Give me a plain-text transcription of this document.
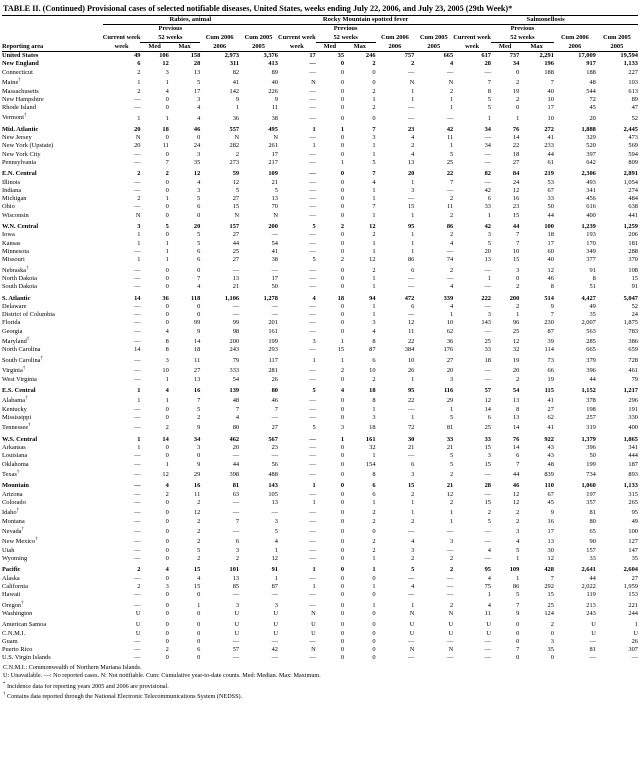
TABLE II. (Continued) Provisional cases of selected notifiable diseases, United States, weeks ending July 22, 2006, and July 23, 2005 (29th Week)*
	Rabies, animal					Rocky Mountain spotted fever					Salmonellosis				
		Previous					Previous					Previous			
	Current week	52 weeks		Cum 2006	Cum 2005	Current week	52 weeks		Cum 2006	Cum 2005	Current week	52 weeks		Cum 2006	Cum 2005
Reporting area	week	Med	Max	2006	2005	week	Med	Max	2006	2005	week	Med	Max	2006	2005
United States	49	106	158	2,973	3,376	17	35	246	757	665	617	737	2,291	17,009	19,594
New England	6	12	28	311	413	—	0	2	2	4	28	34	196	917	1,133
Connecticut	2	3	13	82	89	—	0	0	—	—	—	0	188	188	227
Maine†	1	1	5	41	40	N	0	0	N	N	7	2	7	48	103
Massachusetts	2	4	17	142	226	—	0	2	1	2	8	19	40	544	613
New Hampshire	—	0	3	9	9	—	0	1	1	1	5	2	10	72	89
Rhode Island	—	0	4	1	11	—	0	2	—	1	5	0	17	45	47
Vermont†	1	1	4	36	38	—	0	0	—	—	1	1	10	20	52

Mid. Atlantic	20	18	46	557	495	1	1	7	23	42	34	76	272	1,888	2,445
New Jersey	N	0	0	N	N	—	0	3	4	11	—	14	41	329	473
New York (Upstate)	20	11	24	282	261	1	0	1	2	1	34	22	233	520	569
New York City	—	0	3	2	17	—	0	1	4	5	—	18	44	397	594
Pennsylvania	—	7	35	273	217	—	1	5	13	25	—	27	61	642	809

E.N. Central	2	2	12	59	109	—	0	7	20	22	82	84	219	2,306	2,891
Illinois	—	0	4	12	21	—	0	4	1	7	—	24	53	493	1,054
Indiana	—	0	3	5	5	—	0	1	3	—	42	12	67	341	274
Michigan	2	1	5	27	13	—	0	1	—	2	6	16	33	456	484
Ohio	—	0	6	15	70	—	0	7	15	11	33	23	50	616	638
Wisconsin	N	0	0	N	N	—	0	1	1	2	1	15	44	400	441

W.N. Central	3	5	20	157	200	5	2	12	95	86	42	44	100	1,239	1,259
Iowa	1	0	5	27	—	—	0	2	1	2	3	7	18	193	206
Kansas	1	1	5	44	54	—	0	1	1	4	5	7	17	170	181
Minnesota	—	1	6	25	41	—	0	1	1	—	20	10	60	349	288
Missouri	1	1	6	27	38	5	2	12	86	74	13	15	40	377	370
Nebraska†	—	0	0	—	—	—	0	2	6	2	—	3	12	91	108
North Dakota	—	0	7	13	17	—	0	1	—	—	1	0	46	8	15
South Dakota	—	0	4	21	50	—	0	1	—	4	—	2	8	51	91

S. Atlantic	14	36	118	1,106	1,278	4	18	94	472	339	222	200	514	4,427	5,047
Delaware	—	0	0	—	—	—	0	1	6	4	—	2	9	49	52
District of Columbia	—	0	0	—	—	—	0	1	—	1	3	1	7	35	24
Florida	—	0	99	99	201	—	0	3	12	10	143	96	230	2,007	1,875
Georgia	—	4	9	98	161	—	0	4	11	62	—	25	87	563	783
Maryland†	—	8	14	200	199	3	1	8	22	36	25	12	39	285	386
North Carolina	14	8	18	243	293	—	15	87	384	176	33	32	114	665	659
South Carolina†	—	3	11	79	117	1	1	6	10	27	18	19	73	379	728
Virginia†	—	10	27	333	281	—	2	10	26	20	—	20	66	396	461
West Virginia	—	1	13	54	26	—	0	2	1	3	—	2	19	44	79

E.S. Central	1	4	16	139	80	5	4	18	95	116	57	54	115	1,152	1,217
Alabama†	1	1	7	48	46	—	0	8	22	29	12	13	41	378	296
Kentucky	—	0	5	7	7	—	0	1	—	1	14	8	27	198	191
Mississippi	—	0	2	4	—	—	0	3	1	5	6	13	62	257	330
Tennessee†	—	2	9	80	27	5	3	18	72	81	25	14	41	319	400

W.S. Central	1	14	34	462	567	—	1	161	30	33	33	76	922	1,379	1,865
Arkansas	1	0	3	20	23	—	0	32	21	21	15	14	43	396	341
Louisiana	—	0	0	—	—	—	0	1	—	5	3	6	43	50	444
Oklahoma	—	1	9	44	56	—	0	154	6	5	15	7	48	199	187
Texas†	—	12	29	398	488	—	0	8	3	2	—	44	839	734	893

Mountain	—	4	16	81	143	1	0	6	15	21	28	46	110	1,060	1,133
Arizona	—	2	11	63	105	—	0	6	2	12	—	12	67	197	315
Colorado	—	0	2	—	13	1	0	1	1	2	15	12	45	357	265
Idaho†	—	0	12	—	—	—	0	2	1	1	2	2	9	81	95
Montana	—	0	2	7	3	—	0	2	2	1	5	2	16	80	49
Nevada†	—	0	2	—	5	—	0	0	—	—	—	3	17	65	100
New Mexico†	—	0	2	6	4	—	0	2	4	3	—	4	13	90	127
Utah	—	0	5	3	1	—	0	2	3	—	4	5	30	157	147
Wyoming	—	0	2	2	12	—	0	1	2	2	—	1	12	33	35

Pacific	2	4	15	101	91	1	0	1	5	2	95	109	428	2,641	2,604
Alaska	—	0	4	13	1	—	0	0	—	—	4	1	7	44	27
California	2	3	15	85	87	1	0	1	4	—	75	86	292	2,022	1,959
Hawaii	—	0	0	—	—	—	0	0	—	—	1	5	15	119	153
Oregon†	—	0	1	3	3	—	0	1	1	2	4	7	25	213	221
Washington	U	0	0	U	U	N	0	0	N	N	11	9	124	243	244

American Samoa	U	0	0	U	U	U	0	0	U	U	U	0	2	U	1
C.N.M.I.	U	0	0	U	U	U	0	0	U	U	U	0	0	U	U
Guam	—	0	0	—	—	—	0	0	—	—	—	0	3	—	26
Puerto Rico	—	2	6	57	42	N	0	0	N	N	—	7	35	81	307
U.S. Virgin Islands	—	0	0	—	—	—	0	0	—	—	—	0	0	—	—
C.N.M.I.: Commonwealth of Northern Mariana Islands.
U: Unavailable. —: No reported cases. N: Not notifiable. Cum: Cumulative year-to-date counts. Med: Median. Max: Maximum.
* Incidence data for reporting years 2005 and 2006 are provisional.
† Contains data reported through the National Electronic Telecommunications System (NEDSS).
